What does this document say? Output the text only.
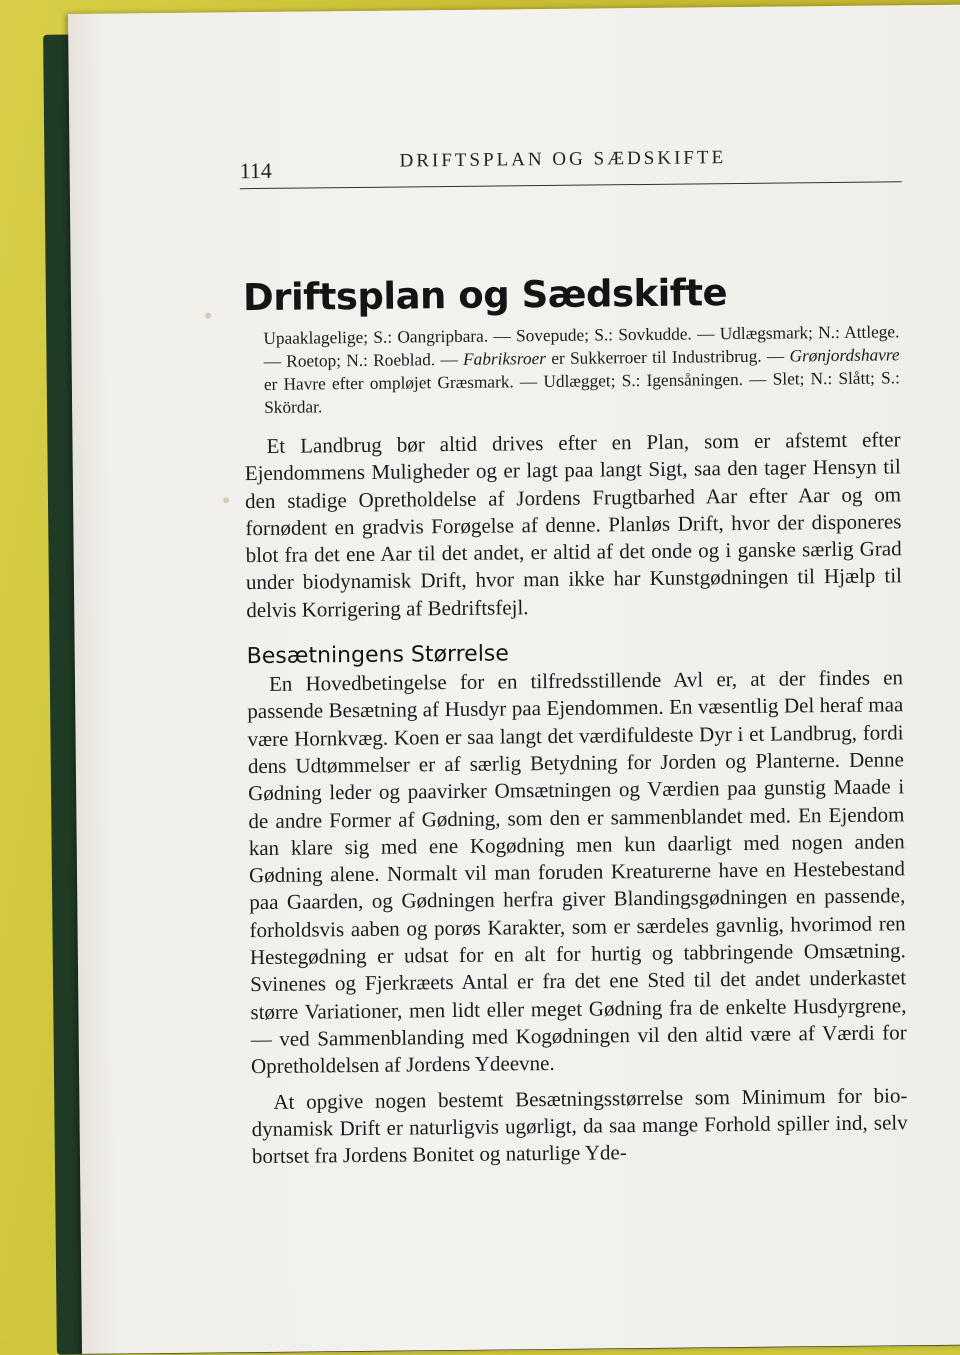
114	DRIFTSPLAN OG SÆDSKIFTE
Driftsplan og Sædskifte

Upaaklagelige; S.: Oangripbara. — Sovepude; S.: Sovkudde. — Udlægsmark; N.: Attlege. — Roetop; N.: Roeblad. — Fabriksroer er Sukkerroer til Industribrug. — Grønjordshavre er Havre efter ompløjet Græsmark. — Udlægget; S.: Igensåningen. — Slet; N.: Slått; S.: Skördar.

Et Landbrug bør altid drives efter en Plan, som er afstemt efter Ejendommens Muligheder og er lagt paa langt Sigt, saa den tager Hensyn til den stadige Opretholdelse af Jordens Frugtbarhed Aar efter Aar og om fornødent en gradvis Forøgelse af denne. Planløs Drift, hvor der disponeres blot fra det ene Aar til det andet, er altid af det onde og i ganske særlig Grad under biodynamisk Drift, hvor man ikke har Kunstgødningen til Hjælp til delvis Korrigering af Bedriftsfejl.

Besætningens Størrelse

En Hovedbetingelse for en tilfredsstillende Avl er, at der findes en passende Besætning af Husdyr paa Ejendommen. En væsentlig Del heraf maa være Hornkvæg. Koen er saa langt det værdifuldeste Dyr i et Landbrug, fordi dens Udtømmelser er af særlig Betydning for Jorden og Planterne. Denne Gødning leder og paavirker Omsætningen og Værdien paa gunstig Maade i de andre Former af Gødning, som den er sammenblandet med. En Ejendom kan klare sig med ene Kogødning men kun daarligt med nogen anden Gødning alene. Normalt vil man foruden Kreaturerne have en Hestebestand paa Gaarden, og Gødningen herfra giver Blandingsgødningen en passende, forholdsvis aaben og porøs Karakter, som er særdeles gavnlig, hvorimod ren Hestegødning er udsat for en alt for hurtig og tabbringende Omsætning. Svinenes og Fjerkræets Antal er fra det ene Sted til det andet underkastet større Variationer, men lidt eller meget Gødning fra de enkelte Husdyrgrene, — ved Sammenblanding med Kogødningen vil den altid være af Værdi for Opretholdelsen af Jordens Ydeevne.

At opgive nogen bestemt Besætningsstørrelse som Minimum for bio-dynamisk Drift er naturligvis ugørligt, da saa mange Forhold spiller ind, selv bortset fra Jordens Bonitet og naturlige Yde-
